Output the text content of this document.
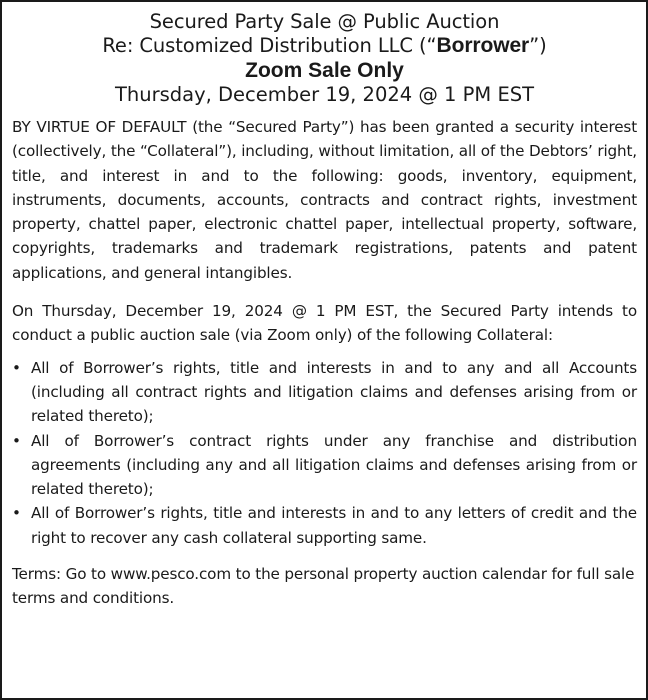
Secured Party Sale @ Public Auction
Re: Customized Distribution LLC (“Borrower”)
Zoom Sale Only
Thursday, December 19, 2024 @ 1 PM EST

BY VIRTUE OF DEFAULT (the “Secured Party”) has been granted a security interest (collectively, the “Collateral”), including, without limitation, all of the Debtors’ right, title, and interest in and to the following: goods, inventory, equipment, instruments, documents, accounts, contracts and contract rights, investment property, chattel paper, electronic chattel paper, intellectual property, software, copyrights, trademarks and trademark registrations, patents and patent applications, and general intangibles.

On Thursday, December 19, 2024 @ 1 PM EST, the Secured Party intends to conduct a public auction sale (via Zoom only) of the following Collateral:

• All of Borrower’s rights, title and interests in and to any and all Accounts (including all contract rights and litigation claims and defenses arising from or related thereto);
• All of Borrower’s contract rights under any franchise and distribution agreements (including any and all litigation claims and defenses arising from or related thereto);
• All of Borrower’s rights, title and interests in and to any letters of credit and the right to recover any cash collateral supporting same.

Terms: Go to www.pesco.com to the personal property auction calendar for full sale terms and conditions.
